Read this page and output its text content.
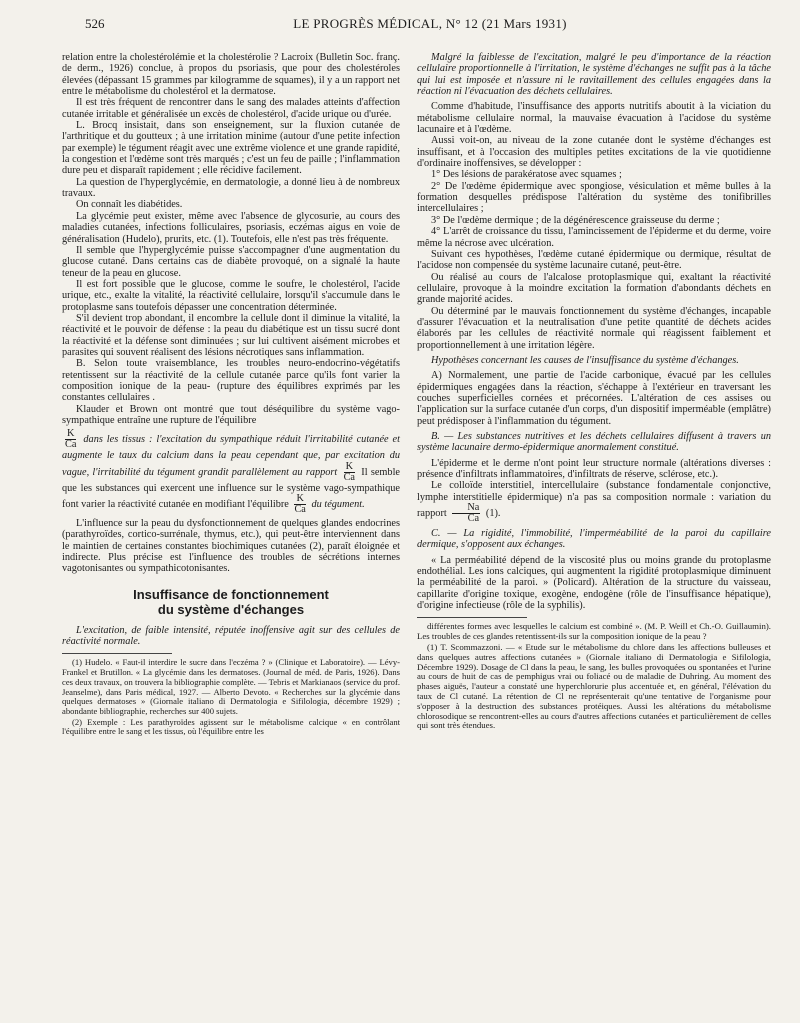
526	LE PROGRÈS MÉDICAL, N° 12 (21 Mars 1931)

relation entre la cholestérolémie et la cholestérolie ? Lacroix (Bulletin Soc. franç. de derm., 1926) conclue, à propos du psoriasis, que pour des cholestéroles élevées (dépassant 15 grammes par kilogramme de squames), il y a un rapport net entre le métabolisme du cholestérol et la dermatose.

Il est très fréquent de rencontrer dans le sang des malades atteints d'affection cutanée irritable et généralisée un excès de cholestérol, d'acide urique ou d'urée.

L. Brocq insistait, dans son enseignement, sur la fluxion cutanée de l'arthritique et du goutteux ; à une irritation minime (autour d'une petite infection par exemple) le tégument réagit avec une extrême violence et une grande rapidité, la congestion et l'œdème sont très marqués ; c'est un feu de paille ; l'inflammation dure peu et disparaît rapidement ; elle récidive facilement.

La question de l'hyperglycémie, en dermatologie, a donné lieu à de nombreux travaux.

On connaît les diabétides.

La glycémie peut exister, même avec l'absence de glycosurie, au cours des maladies cutanées, infections folliculaires, psoriasis, eczémas aigus en voie de généralisation (Hudelo), prurits, etc. (1). Toutefois, elle n'est pas très fréquente.

Il semble que l'hyperglycémie puisse s'accompagner d'une augmentation du glucose cutané. Dans certains cas de diabète provoqué, on a signalé la haute teneur de la peau en glucose.

Il est fort possible que le glucose, comme le soufre, le cholestérol, l'acide urique, etc., exalte la vitalité, la réactivité cellulaire, lorsqu'il s'accumule dans le protoplasme sans toutefois dépasser une concentration déterminée.

S'il devient trop abondant, il encombre la cellule dont il diminue la vitalité, la réactivité et le pouvoir de défense : la peau du diabétique est un tissu sucré dont la réactivité et la défense sont diminuées ; sur lui cultivent aisément microbes et parasites qui souvent réalisent des lésions nécrotiques sans inflammation.

B. Selon toute vraisemblance, les troubles neuro-endocrino-végétatifs retentissent sur la réactivité de la cellule cutanée parce qu'ils font varier la composition ionique de la peau- (rupture des équilibres exprimés par les constantes cellulaires .

Klauder et Brown ont montré que tout déséquilibre du système vago-sympathique entraîne une rupture de l'équilibre

$\frac{K}{Ca}$ dans les tissus : l'excitation du sympathique réduit l'irritabilité cutanée et augmente le taux du calcium dans la peau cependant que, par excitation du vague, l'irritabilité du tégument grandit parallèlement au rapport $\frac{K}{Ca}$ Il semble que les substances qui exercent une influence sur le système vago-sympathique font varier la réactivité cutanée en modifiant l'équilibre $\frac{K}{Ca}$ du tégument.

L'influence sur la peau du dysfonctionnement de quelques glandes endocrines (parathyroïdes, cortico-surrénale, thymus, etc.), qui peut-être interviennent dans le maintien de certaines constantes biochimiques cutanées (2), paraît éloignée et indirecte. Plus précise est l'influence des troubles de sécrétions internes vagotonisantes ou sympathicotonisantes.

Insuffisance de fonctionnement
du système d'échanges

L'excitation, de faible intensité, réputée inoffensive agit sur des cellules de réactivité normale.

(1) Hudelo. « Faut-il interdire le sucre dans l'eczéma ? » (Clinique et Laboratoire). — Lévy-Frankel et Brutillon. « La glycémie dans les dermatoses. (Journal de méd. de Paris, 1926). Dans ces deux travaux, on trouvera la bibliographie complète. — Tebris et Markianaos (service du prof. Jeanselme), dans Paris médical, 1927. — Alberto Devoto. « Recherches sur la glycémie dans quelques dermatoses » (Giornale italiano di Dermatologia e Sifilologia, décembre 1929) ; abondante bibliographie, recherches sur 400 sujets.

(2) Exemple : Les parathyroïdes agissent sur le métabolisme calcique « en contrôlant l'équilibre entre le sang et les tissus, où l'équilibre entre les

Malgré la faiblesse de l'excitation, malgré le peu d'importance de la réaction cellulaire proportionnelle à l'irritation, le système d'échanges ne suffit pas à la tâche qui lui est imposée et n'assure ni le ravitaillement des cellules engagées dans la réaction ni l'évacuation des déchets cellulaires.

Comme d'habitude, l'insuffisance des apports nutritifs aboutit à la viciation du métabolisme cellulaire normal, la mauvaise évacuation à l'acidose du système lacunaire et à l'œdème.

Aussi voit-on, au niveau de la zone cutanée dont le système d'échanges est insuffisant, et à l'occasion des multiples petites excitations de la vie quotidienne d'ordinaire inoffensives, se développer :

1° Des lésions de parakératose avec squames ;

2° De l'œdème épidermique avec spongiose, vésiculation et même bulles à la formation desquelles prédispose l'altération du système des tonifibrilles intercellulaires ;

3° De l'œdème dermique ; de la dégénérescence graisseuse du derme ;

4° L'arrêt de croissance du tissu, l'amincissement de l'épiderme et du derme, voire même la nécrose avec ulcération.

Suivant ces hypothèses, l'œdème cutané épidermique ou dermique, résultat de l'acidose non compensée du système lacunaire cutané, peut-être.

Ou réalisé au cours de l'alcalose protoplasmique qui, exaltant la réactivité cellulaire, provoque à la moindre excitation la formation d'abondants déchets en grande majorité acides.

Ou déterminé par le mauvais fonctionnement du système d'échanges, incapable d'assurer l'évacuation et la neutralisation d'une petite quantité de déchets acides élaborés par les cellules de réactivité normale qui réagissent faiblement et proportionnellement à une irritation légère.

Hypothèses concernant les causes de l'insuffisance du système d'échanges.

A) Normalement, une partie de l'acide carbonique, évacué par les cellules épidermiques engagées dans la réaction, s'échappe à l'extérieur en traversant les couches superficielles cornées et précornées. L'altération de ces assises ou l'application sur la surface cutanée d'un corps, d'un dispositif imperméable (emplâtre) peut prédisposer à l'inflammation du tégument.

B. — Les substances nutritives et les déchets cellulaires diffusent à travers un système lacunaire dermo-épidermique anormalement constitué.

L'épiderme et le derme n'ont point leur structure normale (altérations diverses : présence d'infiltrats inflammatoires, d'infiltrats de réserve, sclérose, etc.).

Le colloïde interstitiel, intercellulaire (substance fondamentale conjonctive, lymphe interstitielle épidermique) n'a pas sa composition normale : variation du rapport $\frac{Na}{Ca} (1)$.

C. — La rigidité, l'immobilité, l'imperméabilité de la paroi du capillaire dermique, s'opposent aux échanges.

« La perméabilité dépend de la viscosité plus ou moins grande du protoplasme endothélial. Les ions calciques, qui augmentent la rigidité protoplasmique diminuent la perméabilité de la paroi. » (Policard). Altération de la structure du vaisseau, capillarite d'origine toxique, exogène, endogène (rôle de l'insuffisance hépatique), d'origine infectieuse (rôle de la syphilis).

différentes formes avec lesquelles le calcium est combiné ». (M. P. Weill et Ch.-O. Guillaumin). Les troubles de ces glandes retentissent-ils sur la composition ionique de la peau ?

(1) T. Scommazzoni. — « Etude sur le métabolisme du chlore dans les affections bulleuses et dans quelques autres affections cutanées » (Giornale italiano di Dermatologia e Sifilologia, Décembre 1929). Dosage de Cl dans la peau, le sang, les bulles provoquées ou spontanées et l'urine au cours de huit de cas de pemphigus vrai ou foliacé ou de maladie de Duhring. Au moment des phases aiguës, l'auteur a constaté une hyperchlorurie plus accentuée et, en général, l'élévation du taux de Cl cutané. La rétention de Cl ne représenterait qu'une tentative de l'organisme pour s'opposer à la destruction des substances protéiques. Aussi les altérations du métabolisme chlorosodique se rencontrent-elles au cours d'autres affections cutanées et particulièrement de celles qui sont très étendues.
